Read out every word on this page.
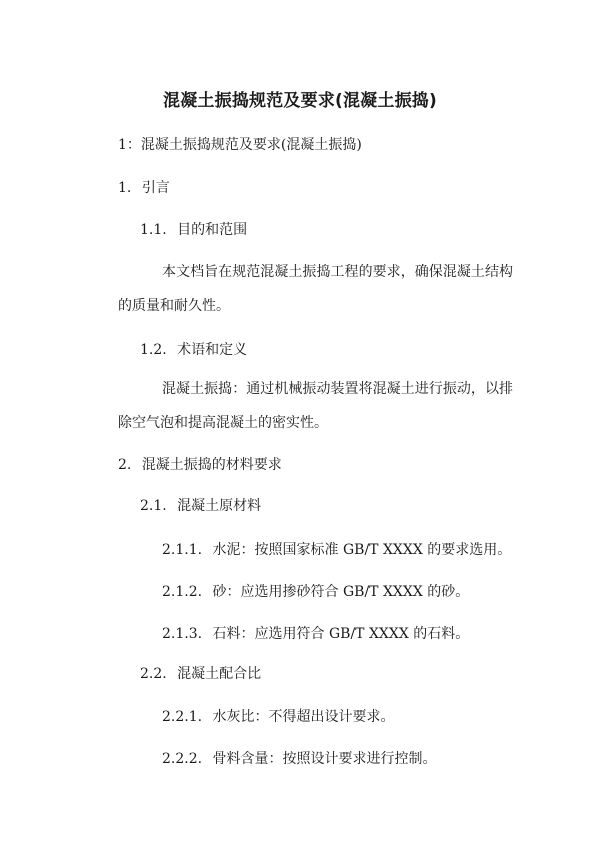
混凝土振捣规范及要求(混凝土振捣)

1：混凝土振捣规范及要求(混凝土振捣)

1. 引言

1.1. 目的和范围

本文档旨在规范混凝土振捣工程的要求，确保混凝土结构的质量和耐久性。

1.2. 术语和定义

混凝土振捣：通过机械振动装置将混凝土进行振动，以排除空气泡和提高混凝土的密实性。

2. 混凝土振捣的材料要求

2.1. 混凝土原材料

2.1.1. 水泥：按照国家标准 GB/T XXXX 的要求选用。

2.1.2. 砂：应选用掺砂符合 GB/T XXXX 的砂。

2.1.3. 石料：应选用符合 GB/T XXXX 的石料。

2.2. 混凝土配合比

2.2.1. 水灰比：不得超出设计要求。

2.2.2. 骨料含量：按照设计要求进行控制。
